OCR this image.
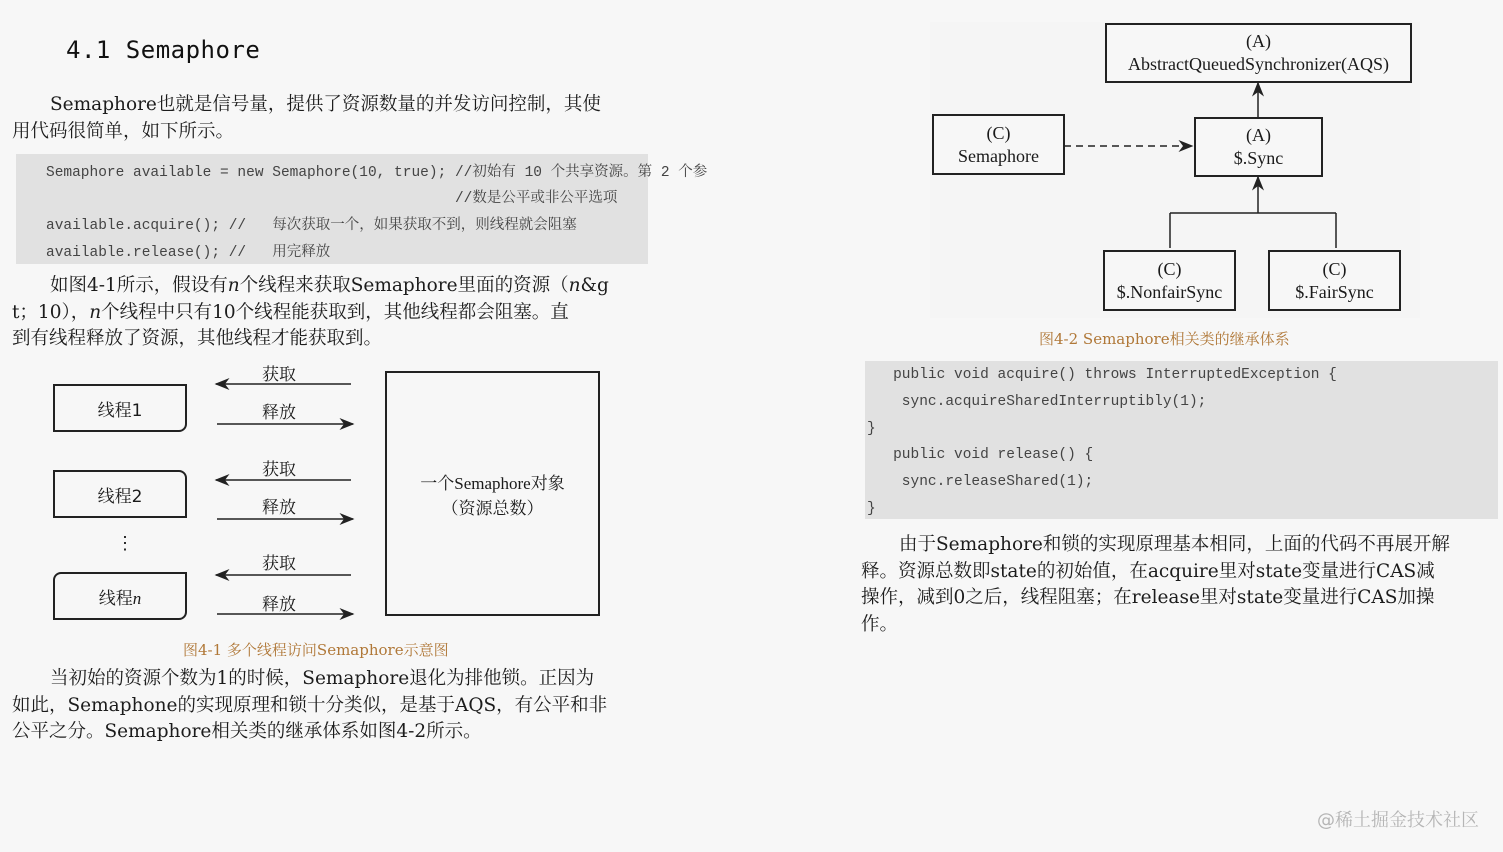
4.1 Semaphore
Semaphore也就是信号量，提供了资源数量的并发访问控制，其使
用代码很简单，如下所示。

Semaphore available = new Semaphore(10, true); //初始有 10 个共享资源。第 2 个参

//数是公平或非公平选项

available.acquire(); //   每次获取一个，如果获取不到，则线程就会阻塞

available.release(); //   用完释放

如图4-1所示，假设有n个线程来获取Semaphore里面的资源（n&g
t；10），n个线程中只有10个线程能获取到，其他线程都会阻塞。直
到有线程释放了资源，其他线程才能获取到。
线程1
线程2
⋮
线程n
获取
释放
获取
释放
获取
释放
一个Semaphore对象
（资源总数）
图4-1 多个线程访问Semaphore示意图
当初始的资源个数为1的时候，Semaphore退化为排他锁。正因为
如此，Semaphone的实现原理和锁十分类似，是基于AQS，有公平和非
公平之分。Semaphore相关类的继承体系如图4-2所示。
(A)
AbstractQueuedSynchronizer(AQS)
(C)
Semaphore
(A)
$.Sync
(C)
$.NonfairSync
(C)
$.FairSync
图4-2 Semaphore相关类的继承体系

public void acquire() throws InterruptedException {

sync.acquireSharedInterruptibly(1);

}

public void release() {

sync.releaseShared(1);

}

由于Semaphore和锁的实现原理基本相同，上面的代码不再展开解
释。资源总数即state的初始值，在acquire里对state变量进行CAS减
操作，减到0之后，线程阻塞；在release里对state变量进行CAS加操
作。
@稀土掘金技术社区
